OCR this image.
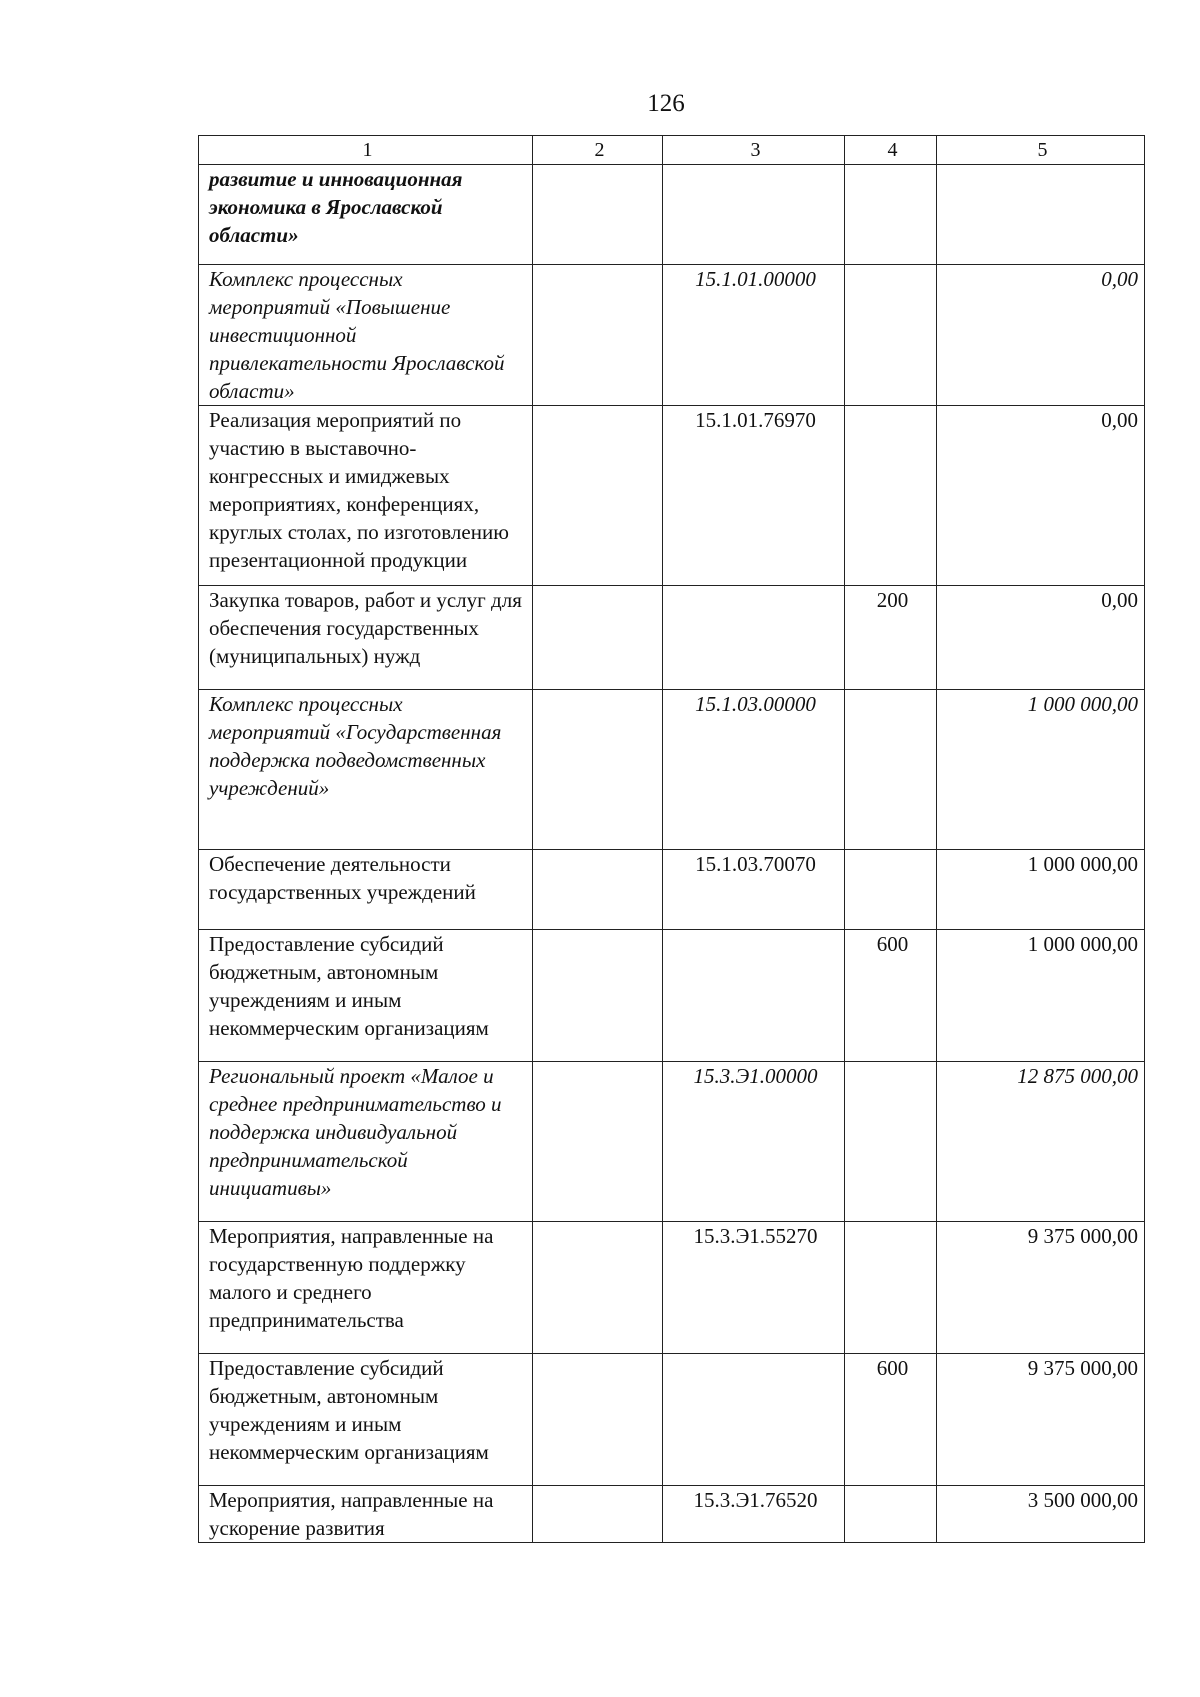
126
1	2	3	4	5
развитие и инновационная экономика в Ярославской области»				
Комплекс процессных мероприятий «Повышение инвестиционной привлекательности Ярославской области»		15.1.01.00000		0,00
Реализация мероприятий по участию в выставочно-конгрессных и имиджевых мероприятиях, конференциях, круглых столах, по изготовлению презентационной продукции		15.1.01.76970		0,00
Закупка товаров, работ и услуг для обеспечения государственных (муниципальных) нужд			200	0,00
Комплекс процессных мероприятий «Государственная поддержка подведомственных учреждений»		15.1.03.00000		1 000 000,00
Обеспечение деятельности государственных учреждений		15.1.03.70070		1 000 000,00
Предоставление субсидий бюджетным, автономным учреждениям и иным некоммерческим организациям			600	1 000 000,00
Региональный проект «Малое и среднее предпринимательство и поддержка индивидуальной предпринимательской инициативы»		15.3.Э1.00000		12 875 000,00
Мероприятия, направленные на государственную поддержку малого и среднего предпринимательства		15.3.Э1.55270		9 375 000,00
Предоставление субсидий бюджетным, автономным учреждениям и иным некоммерческим организациям			600	9 375 000,00
Мероприятия, направленные на ускорение развития		15.3.Э1.76520		3 500 000,00
